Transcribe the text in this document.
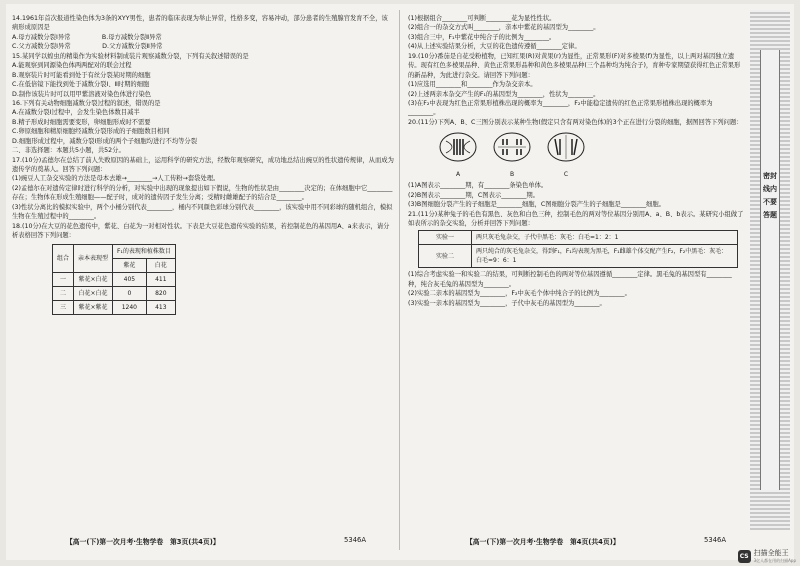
14.1961年首次报道性染色体为3条的XYY男性，患者的临床表现为举止异常，性格多变，容易冲动，部分患者的生殖腺官发育不全，该病形成原因是
A.母方减数分裂Ⅰ异常　　　　　B.母方减数分裂Ⅱ异常
C.父方减数分裂Ⅰ异常　　　　　D.父方减数分裂Ⅱ异常
15.某同学以蝗虫的精巢作为实验材料制成装片观察减数分裂，下列有关叙述错误的是
A.能观察到同源染色体两两配对的联会过程
B.观察装片时可能看到处于有丝分裂某时期的细胞
C.在低倍镜下能找到处于减数分裂Ⅰ、Ⅱ时期的细胞
D.制作该装片时可以用甲紫溶液对染色体进行染色
16.下列有关动物细胞减数分裂过程的叙述，错误的是
A.在减数分裂Ⅰ过程中，会发生染色体数目减半
B.精子形成时细胞需要变形，卵细胞形成时不需要
C.卵原细胞和精原细胞经减数分裂形成的子细胞数目相同
D.细胞形成过程中，减数分裂Ⅰ形成的两个子细胞均进行不均等分裂
二、非选择题：本题共5小题，共52分。
17.(10分)孟德尔在总结了前人失败原因的基础上，运用科学的研究方法，经数年观察研究，成功地总结出豌豆的性状遗传规律，从而成为遗传学的奠基人。回答下列问题：
(1)豌豆人工杂交实验的方法是母本去雄→________→人工传粉→套袋处理。
(2)孟德尔在对遗传定律时进行科学的分析，对实验中出现的现象提出如下假说，生物的性状是由________决定的；在体细胞中它________存在；生物体在形成生殖细胞——配子时，成对的遗传因子发生分离；受精时雌雄配子的结合是________。
(3)性状分离比的模拟实验中，两个小桶分别代表________，桶内不同颜色彩球分别代表________，该实验中用不同彩球的随机组合，模拟生物在生殖过程中的________。
18.(10分)在大豆的花色遗传中，紫花、白花为一对相对性状。下表是大豆花色遗传实验的结果，若控制花色的基因用A、a来表示，请分析表格回答下列问题：
组合	亲本表现型	F₁的表现和植株数目	
		紫花	白花
一	紫花×白花	405	411
二	白花×白花	0	820
三	紫花×紫花	1240	413
【高一(下)第一次月考·生物学卷　第3页(共4页)】	5346A
(1)根据组合________可判断________花为显性性状。
(2)组合一的杂交方式叫________，亲本中紫花的基因型为________。
(3)组合三中，F₁中紫花中纯合子的比例为________。
(4)从上述实验结果分析，大豆的花色遗传遵循________定律。
19.(10分)番茄是自花受粉植物，已知红果(R)对黄果(r)为显性，正常果形(F)对多棱果(f)为显性，以上两对基因独立遗传。现有红色多棱果品种、黄色正常果形品种和黄色多棱果品种(三个品种均为纯合子)，育种专家期望获得红色正常果形的新品种，为此进行杂交。请回答下列问题：
(1)应选用________和________作为杂交亲本。
(2)上述两亲本杂交产生的F₁的基因型为________，性状为________。
(3)在F₂中表现为红色正常果形植株出现的概率为________，F₂中能稳定遗传的红色正常果形植株出现的概率为________。
20.(11分)下列A、B、C三图分别表示某种生物(假定只含有两对染色体)的3个正在进行分裂的细胞，据图回答下列问题：
A	B	C
(1)A图表示________期，有________条染色单体。
(2)B图表示________期，C图表示________期。
(3)B图细胞分裂产生的子细胞是________细胞，C图细胞分裂产生的子细胞是________细胞。
21.(11分)某种兔子的毛色有黑色、灰色和白色三种，控制毛色的两对等位基因分别用A、a、B、b表示。某研究小组做了如表所示的杂交实验，分析并回答下列问题：
实验一	两只灰毛兔杂交，子代中黑毛：灰毛：白毛=1：2：1
实验二	两只纯合的灰毛兔杂交，得到F₁，F₁均表现为黑毛，F₁雌雄个体交配产生F₂，F₂中黑毛：灰毛：白毛=9：6：1
(1)综合考虑实验一和实验二的结果，可判断控制毛色的两对等位基因遵循________定律。黑毛兔的基因型有________种，纯合灰毛兔的基因型为________。
(2)实验二亲本的基因型为________，F₂中灰毛个体中纯合子的比例为________。
(3)实验一亲本的基因型为________，子代中灰毛的基因型为________。
【高一(下)第一次月考·生物学卷　第4页(共4页)】	5346A
密封线内不要答题
CS 扫描全能王
3亿人都在用的扫描App
